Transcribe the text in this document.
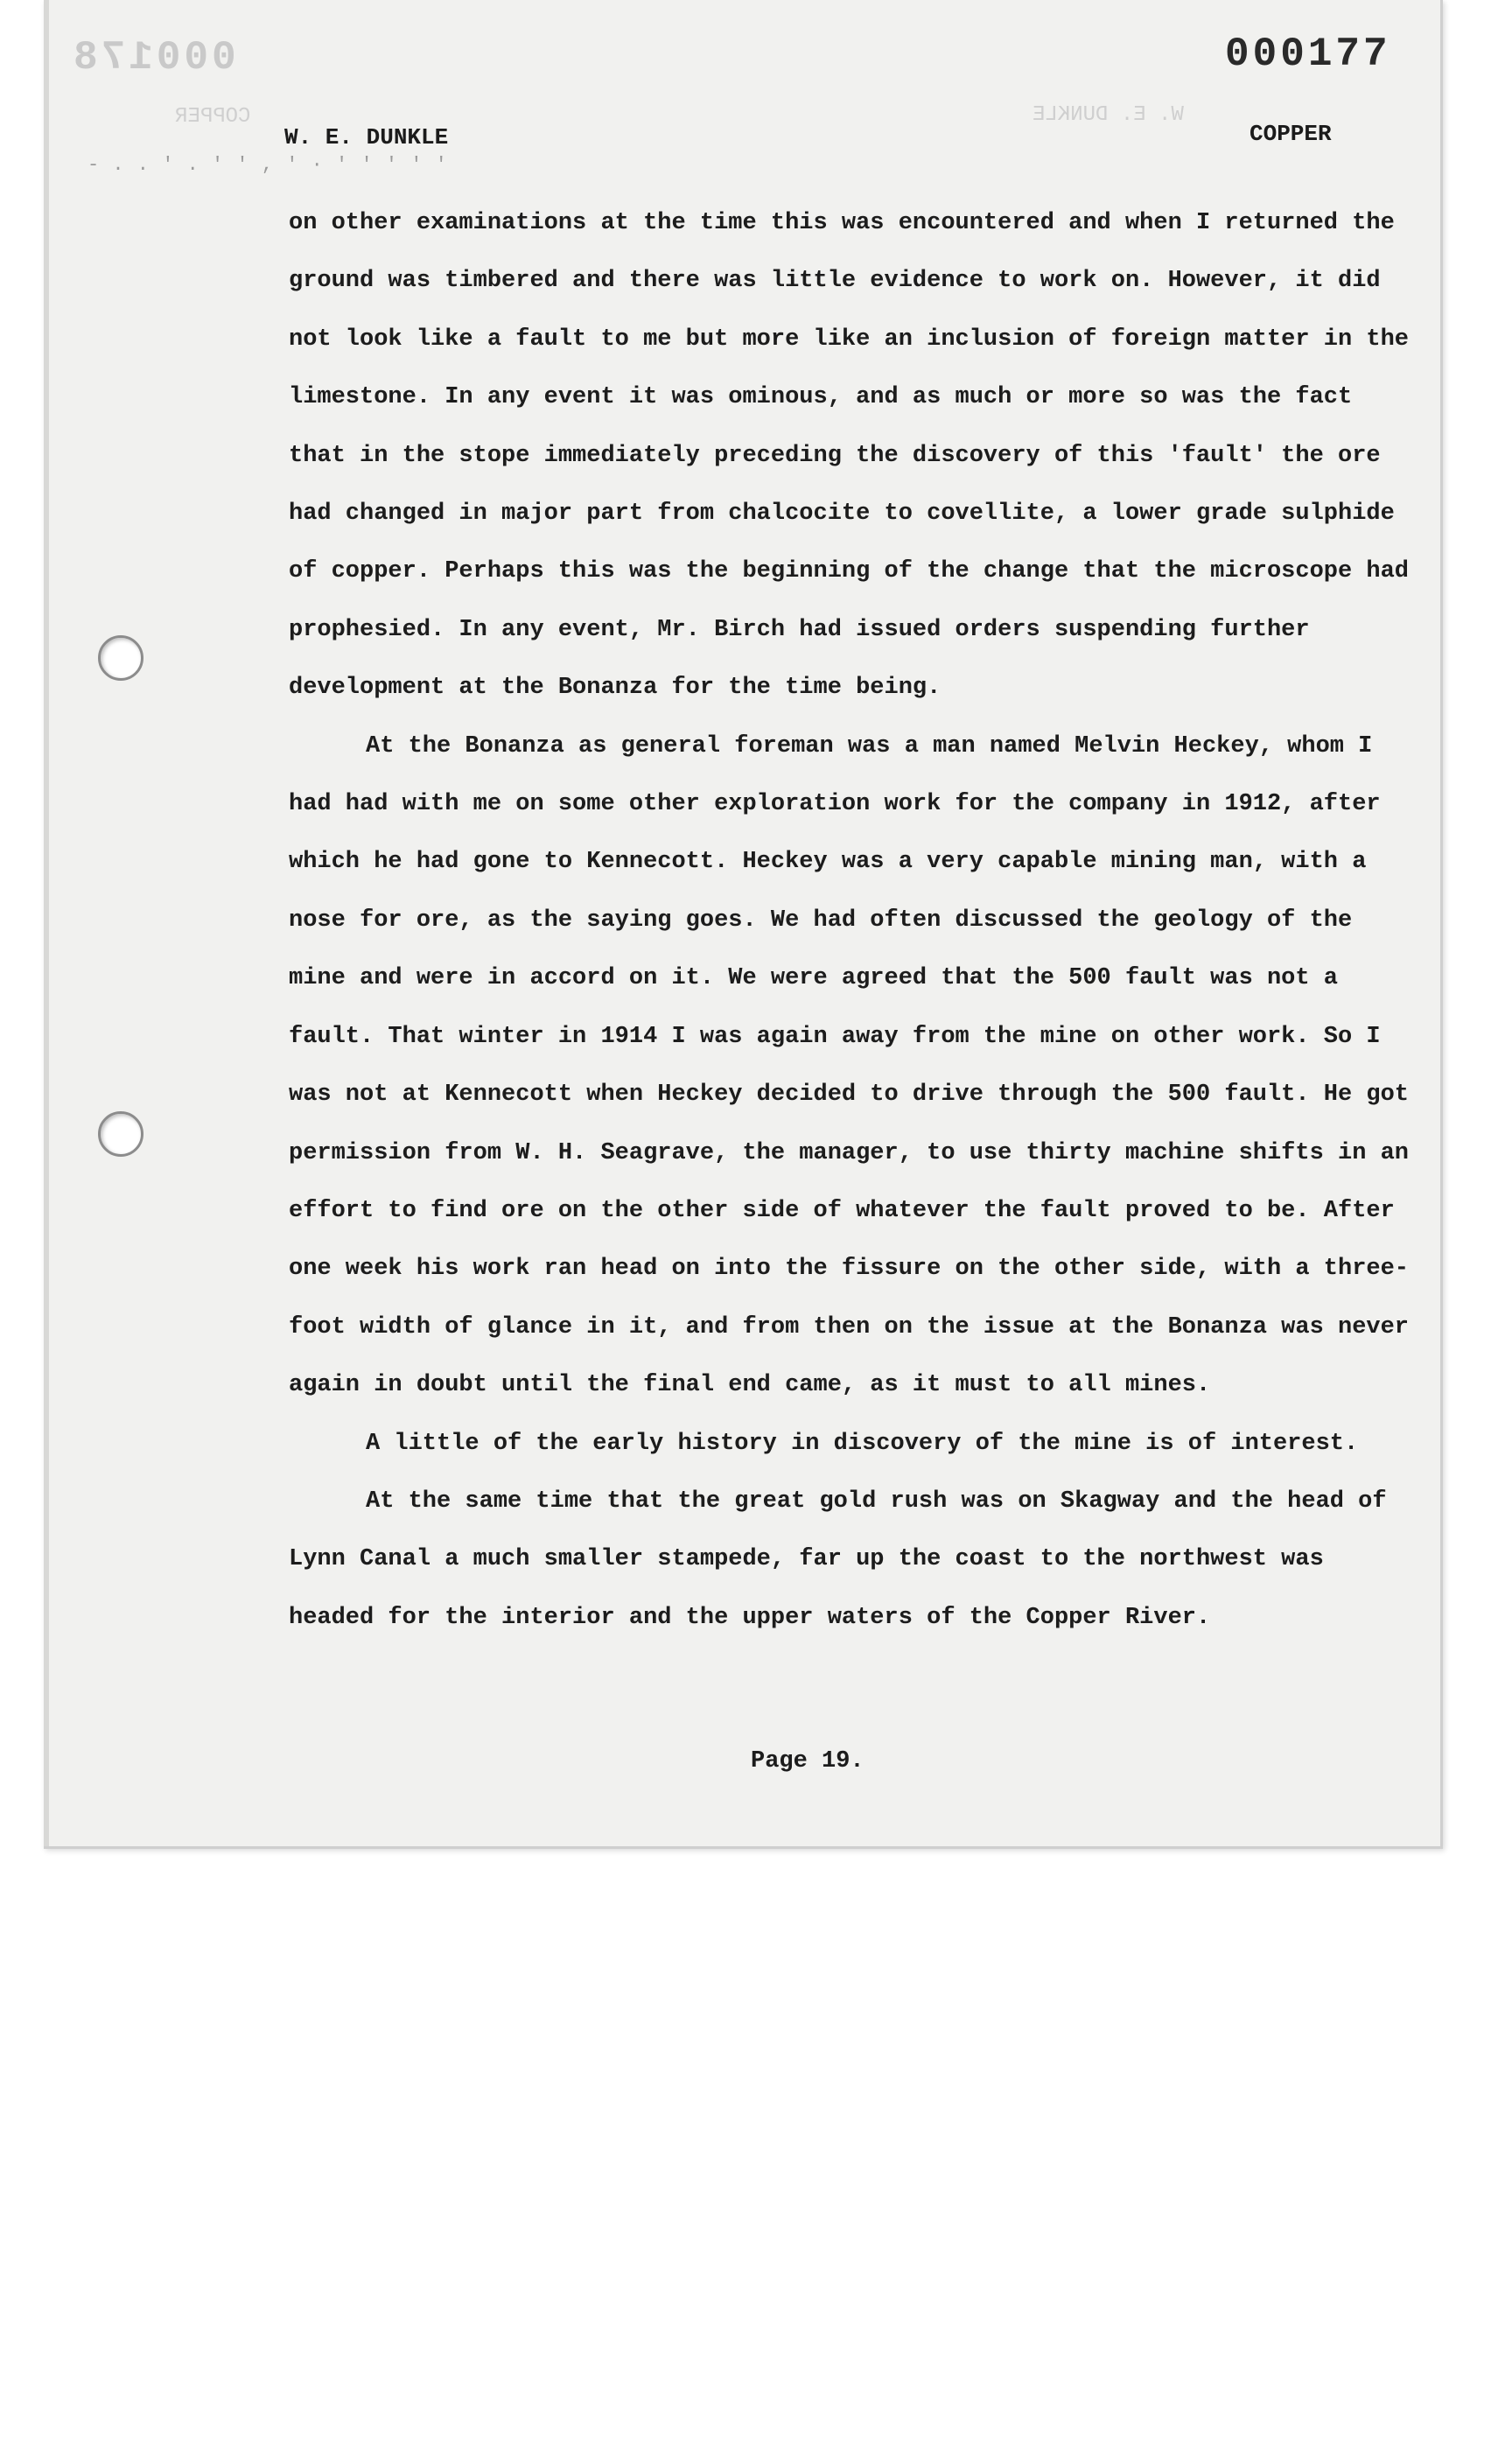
000178	000177
COPPER	W. E. DUNKLE
W. E. DUNKLE	COPPER
- . . ' . ' ' , ' · ' ' ' ' '

on other examinations at the time this was encountered and when I returned the ground was timbered and there was little evidence to work on. However, it did not look like a fault to me but more like an inclusion of foreign matter in the limestone. In any event it was ominous, and as much or more so was the fact that in the stope immediately preceding the discovery of this 'fault' the ore had changed in major part from chalcocite to covellite, a lower grade sulphide of copper. Perhaps this was the beginning of the change that the microscope had prophesied. In any event, Mr. Birch had issued orders suspending further development at the Bonanza for the time being.

At the Bonanza as general foreman was a man named Melvin Heckey, whom I had had with me on some other exploration work for the company in 1912, after which he had gone to Kennecott. Heckey was a very capable mining man, with a nose for ore, as the saying goes. We had often discussed the geology of the mine and were in accord on it. We were agreed that the 500 fault was not a fault. That winter in 1914 I was again away from the mine on other work. So I was not at Kennecott when Heckey decided to drive through the 500 fault. He got permission from W. H. Seagrave, the manager, to use thirty machine shifts in an effort to find ore on the other side of whatever the fault proved to be. After one week his work ran head on into the fissure on the other side, with a three-foot width of glance in it, and from then on the issue at the Bonanza was never again in doubt until the final end came, as it must to all mines.

A little of the early history in discovery of the mine is of interest.

At the same time that the great gold rush was on Skagway and the head of Lynn Canal a much smaller stampede, far up the coast to the northwest was headed for the interior and the upper waters of the Copper River.

Page 19.
